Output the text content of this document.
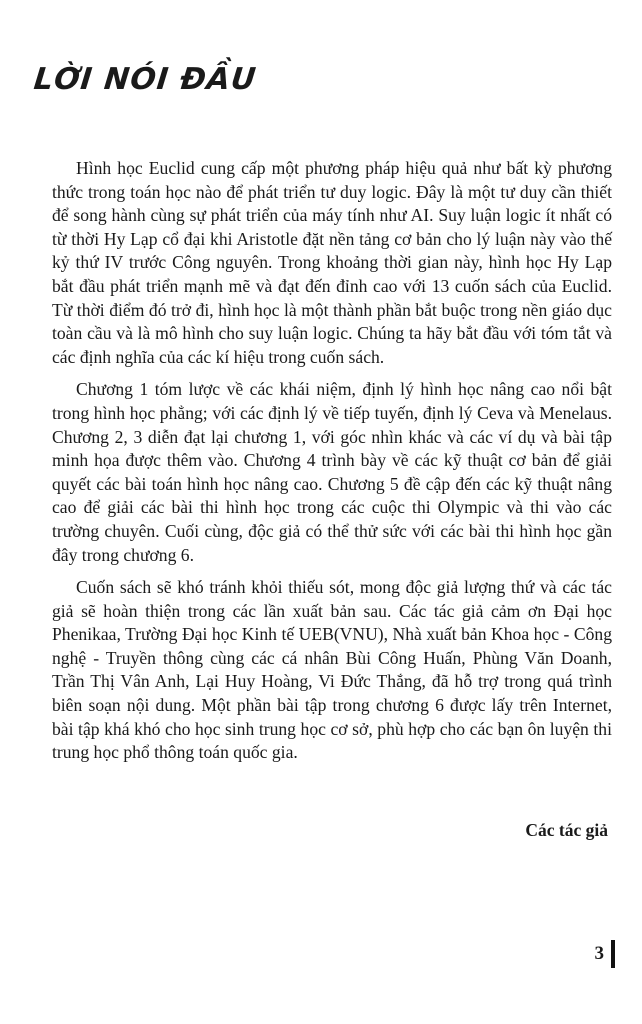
LỜI NÓI ĐẦU

Hình học Euclid cung cấp một phương pháp hiệu quả như bất kỳ phương thức trong toán học nào để phát triển tư duy logic. Đây là một tư duy cần thiết để song hành cùng sự phát triển của máy tính như AI. Suy luận logic ít nhất có từ thời Hy Lạp cổ đại khi Aristotle đặt nền tảng cơ bản cho lý luận này vào thế kỷ thứ IV trước Công nguyên. Trong khoảng thời gian này, hình học Hy Lạp bắt đầu phát triển mạnh mẽ và đạt đến đỉnh cao với 13 cuốn sách của Euclid. Từ thời điểm đó trở đi, hình học là một thành phần bắt buộc trong nền giáo dục toàn cầu và là mô hình cho suy luận logic. Chúng ta hãy bắt đầu với tóm tắt và các định nghĩa của các kí hiệu trong cuốn sách.

Chương 1 tóm lược về các khái niệm, định lý hình học nâng cao nổi bật trong hình học phẳng; với các định lý về tiếp tuyến, định lý Ceva và Menelaus. Chương 2, 3 diễn đạt lại chương 1, với góc nhìn khác và các ví dụ và bài tập minh họa được thêm vào. Chương 4 trình bày về các kỹ thuật cơ bản để giải quyết các bài toán hình học nâng cao. Chương 5 đề cập đến các kỹ thuật nâng cao để giải các bài thi hình học trong các cuộc thi Olympic và thi vào các trường chuyên. Cuối cùng, độc giả có thể thử sức với các bài thi hình học gần đây trong chương 6.

Cuốn sách sẽ khó tránh khỏi thiếu sót, mong độc giả lượng thứ và các tác giả sẽ hoàn thiện trong các lần xuất bản sau. Các tác giả cảm ơn Đại học Phenikaa, Trường Đại học Kinh tế UEB(VNU), Nhà xuất bản Khoa học - Công nghệ - Truyền thông cùng các cá nhân Bùi Công Huấn, Phùng Văn Doanh, Trần Thị Vân Anh, Lại Huy Hoàng, Vi Đức Thắng, đã hỗ trợ trong quá trình biên soạn nội dung. Một phần bài tập trong chương 6 được lấy trên Internet, bài tập khá khó cho học sinh trung học cơ sở, phù hợp cho các bạn ôn luyện thi trung học phổ thông toán quốc gia.

Các tác giả

3
